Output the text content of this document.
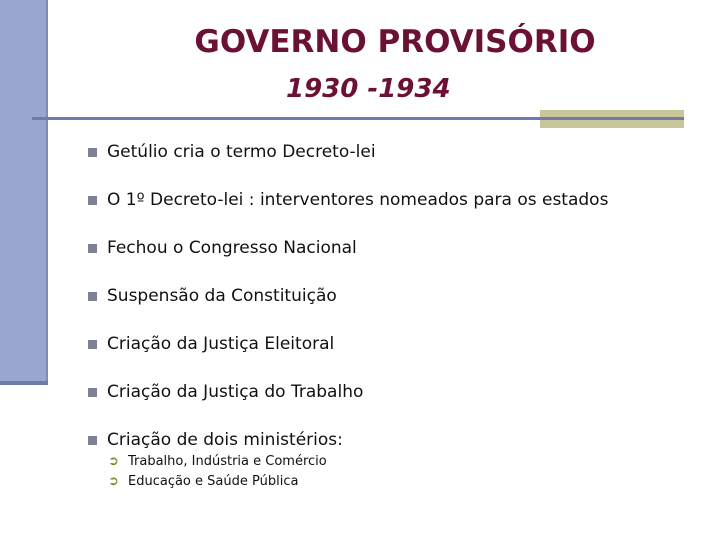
GOVERNO PROVISÓRIO
1930 -1934
Getúlio cria o termo Decreto-lei
O 1º Decreto-lei : interventores nomeados para os estados
Fechou o Congresso Nacional
Suspensão da Constituição
Criação da Justiça Eleitoral
Criação da Justiça do Trabalho
Criação de dois ministérios:
➲ Trabalho, Indústria e Comércio
➲ Educação e Saúde Pública
